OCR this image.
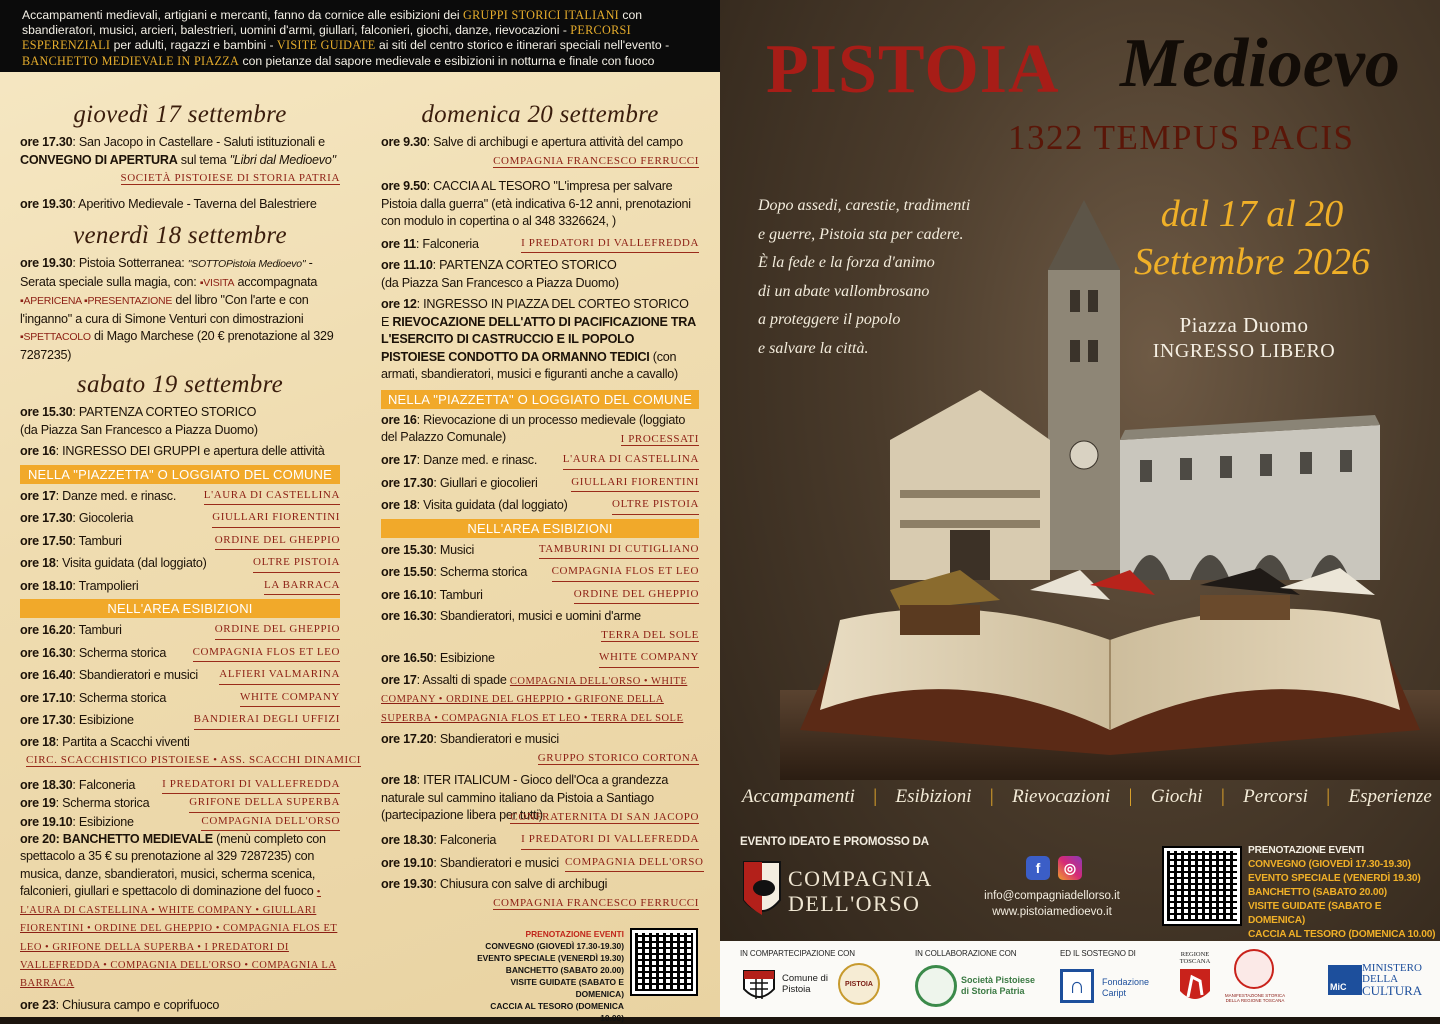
Accampamenti medievali, artigiani e mercanti, fanno da cornice alle esibizioni dei GRUPPI STORICI ITALIANI con sbandieratori, musici, arcieri, balestrieri, uomini d'armi, giullari, falconieri, giochi, danze, rievocazioni - PERCORSI ESPERENZIALI per adulti, ragazzi e bambini - VISITE GUIDATE ai siti del centro storico e itinerari speciali nell'evento - BANCHETTO MEDIEVALE IN PIAZZA con pietanze dal sapore medievale e esibizioni in notturna e finale con fuoco
giovedì 17 settembre
ore 17.30: San Jacopo in Castellare - Saluti istituzionali e CONVEGNO DI APERTURA sul tema "Libri dal Medioevo"
SOCIETÀ PISTOIESE DI STORIA PATRIA
ore 19.30: Aperitivo Medievale - Taverna del Balestriere
venerdì 18 settembre
ore 19.30: Pistoia Sotterranea: "SOTTOPistoia Medioevo" - Serata speciale sulla magia, con: ▪VISITA accompagnata ▪APERICENA ▪PRESENTAZIONE del libro "Con l'arte e con l'inganno" a cura di Simone Venturi con dimostrazioni ▪SPETTACOLO di Mago Marchese (20 € prenotazione al 329 7287235)
sabato 19 settembre
ore 15.30: PARTENZA CORTEO STORICO
(da Piazza San Francesco a Piazza Duomo)
ore 16: INGRESSO DEI GRUPPI e apertura delle attività
NELLA "PIAZZETTA" O LOGGIATO DEL COMUNE
ore 17: Danze med. e rinasc.	L'AURA DI CASTELLINA
ore 17.30: Giocoleria	GIULLARI FIORENTINI
ore 17.50: Tamburi	ORDINE DEL GHEPPIO
ore 18: Visita guidata (dal loggiato)	OLTRE PISTOIA
ore 18.10: Trampolieri	LA BARRACA
NELL'AREA ESIBIZIONI
ore 16.20: Tamburi	ORDINE DEL GHEPPIO
ore 16.30: Scherma storica COMPAGNIA FLOS ET LEO
ore 16.40: Sbandieratori e musici ALFIERI VALMARINA
ore 17.10: Scherma storica	WHITE COMPANY
ore 17.30: Esibizione	BANDIERAI DEGLI UFFIZI
ore 18: Partita a Scacchi viventi
CIRC. SCACCHISTICO PISTOIESE • ASS. SCACCHI DINAMICI
ore 18.30: Falconeria I PREDATORI DI VALLEFREDDA
ore 19: Scherma storica	GRIFONE DELLA SUPERBA
ore 19.10: Esibizione	COMPAGNIA DELL'ORSO
ore 20: BANCHETTO MEDIEVALE (menù completo con spettacolo a 35 € su prenotazione al 329 7287235) con musica, danze, sbandieratori, musici, scherma scenica, falconieri, giullari e spettacolo di dominazione del fuoco • L'AURA DI CASTELLINA • WHITE COMPANY • GIULLARI FIORENTINI • ORDINE DEL GHEPPIO • COMPAGNIA FLOS ET LEO • GRIFONE DELLA SUPERBA • I PREDATORI DI VALLEFREDDA • COMPAGNIA DELL'ORSO • COMPAGNIA LA BARRACA
ore 23: Chiusura campo e coprifuoco
domenica 20 settembre
ore 9.30: Salve di archibugi e apertura attività del campo
COMPAGNIA FRANCESCO FERRUCCI
ore 9.50: CACCIA AL TESORO "L'impresa per salvare Pistoia dalla guerra" (età indicativa 6-12 anni, prenotazioni con modulo in copertina o al 348 3326624, )
ore 11: Falconeria	I PREDATORI DI VALLEFREDDA
ore 11.10: PARTENZA CORTEO STORICO
(da Piazza San Francesco a Piazza Duomo)
ore 12: INGRESSO IN PIAZZA DEL CORTEO STORICO E RIEVOCAZIONE DELL'ATTO DI PACIFICAZIONE TRA L'ESERCITO DI CASTRUCCIO E IL POPOLO PISTOIESE CONDOTTO DA ORMANNO TEDICI (con armati, sbandieratori, musici e figuranti anche a cavallo)
NELLA "PIAZZETTA" O LOGGIATO DEL COMUNE
ore 16: Rievocazione di un processo medievale (loggiato del Palazzo Comunale)	I PROCESSATI
ore 17: Danze med. e rinasc. L'AURA DI CASTELLINA
ore 17.30: Giullari e giocolieri	GIULLARI FIORENTINI
ore 18: Visita guidata (dal loggiato)	OLTRE PISTOIA
NELL'AREA ESIBIZIONI
ore 15.30: Musici	TAMBURINI DI CUTIGLIANO
ore 15.50: Scherma storica COMPAGNIA FLOS ET LEO
ore 16.10: Tamburi	ORDINE DEL GHEPPIO
ore 16.30: Sbandieratori, musici e uomini d'arme
TERRA DEL SOLE
ore 16.50: Esibizione	WHITE COMPANY
ore 17: Assalti di spade COMPAGNIA DELL'ORSO • WHITE COMPANY • ORDINE DEL GHEPPIO • GRIFONE DELLA SUPERBA • COMPAGNIA FLOS ET LEO • TERRA DEL SOLE
ore 17.20: Sbandieratori e musici
GRUPPO STORICO CORTONA
ore 18: ITER ITALICUM - Gioco dell'Oca a grandezza naturale sul cammino italiano da Pistoia a Santiago (partecipazione libera per tutti)
CONFRATERNITA DI SAN JACOPO
ore 18.30: Falconeria I PREDATORI DI VALLEFREDDA
ore 19.10: Sbandieratori e musici COMPAGNIA DELL'ORSO
ore 19.30: Chiusura con salve di archibugi
COMPAGNIA FRANCESCO FERRUCCI
PRENOTAZIONE EVENTI
CONVEGNO (GIOVEDÌ 17.30-19.30)
EVENTO SPECIALE (VENERDÌ 19.30)
BANCHETTO (SABATO 20.00)
VISITE GUIDATE (SABATO E DOMENICA)
CACCIA AL TESORO (DOMENICA 10.00)
PISTOIA Medioevo
1322 TEMPUS PACIS
Dopo assedi, carestie, tradimenti
e guerre, Pistoia sta per cadere.
È la fede e la forza d'animo
di un abate vallombrosano
a proteggere il popolo
e salvare la città.
dal 17 al 20
Settembre 2026
Piazza Duomo
INGRESSO LIBERO
Accampamenti | Esibizioni | Rievocazioni | Giochi | Percorsi | Esperienze
EVENTO IDEATO E PROMOSSO DA
COMPAGNIA
DELL'ORSO
f	◎
info@compagniadellorso.it
www.pistoiamedioevo.it
PRENOTAZIONE EVENTI
CONVEGNO (GIOVEDÌ 17.30-19.30)
EVENTO SPECIALE (VENERDÌ 19.30)
BANCHETTO (SABATO 20.00)
VISITE GUIDATE (SABATO E DOMENICA)
CACCIA AL TESORO (DOMENICA 10.00)
IN COMPARTECIPAZIONE CON	IN COLLABORAZIONE CON	ED IL SOSTEGNO DI
Comune di Pistoia	PISTOIA	Società Pistoiese di Storia Patria	∩	Fondazione Caript
REGIONE TOSCANA
MANIFESTAZIONE STORICA DELLA REGIONE TOSCANA
MiC
MINISTERO
DELLA
CULTURA
